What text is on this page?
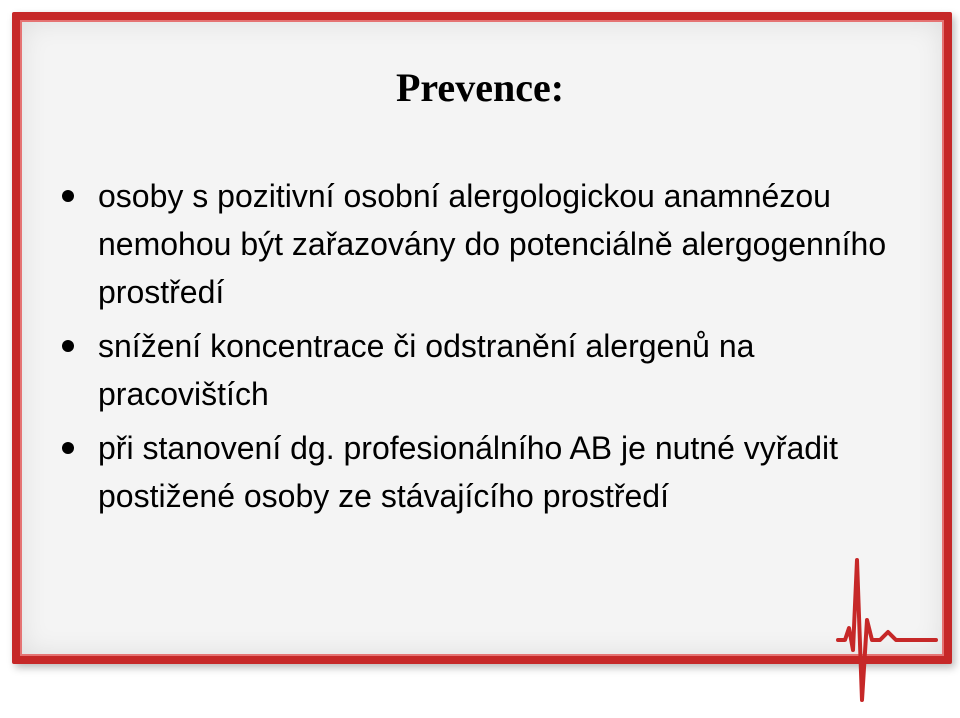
Prevence:
osoby s pozitivní osobní alergologickou anamnézou nemohou být zařazovány do potenciálně alergogenního prostředí
snížení koncentrace či odstranění alergenů na pracovištích
při stanovení dg. profesionálního AB je nutné vyřadit postižené osoby ze stávajícího prostředí
